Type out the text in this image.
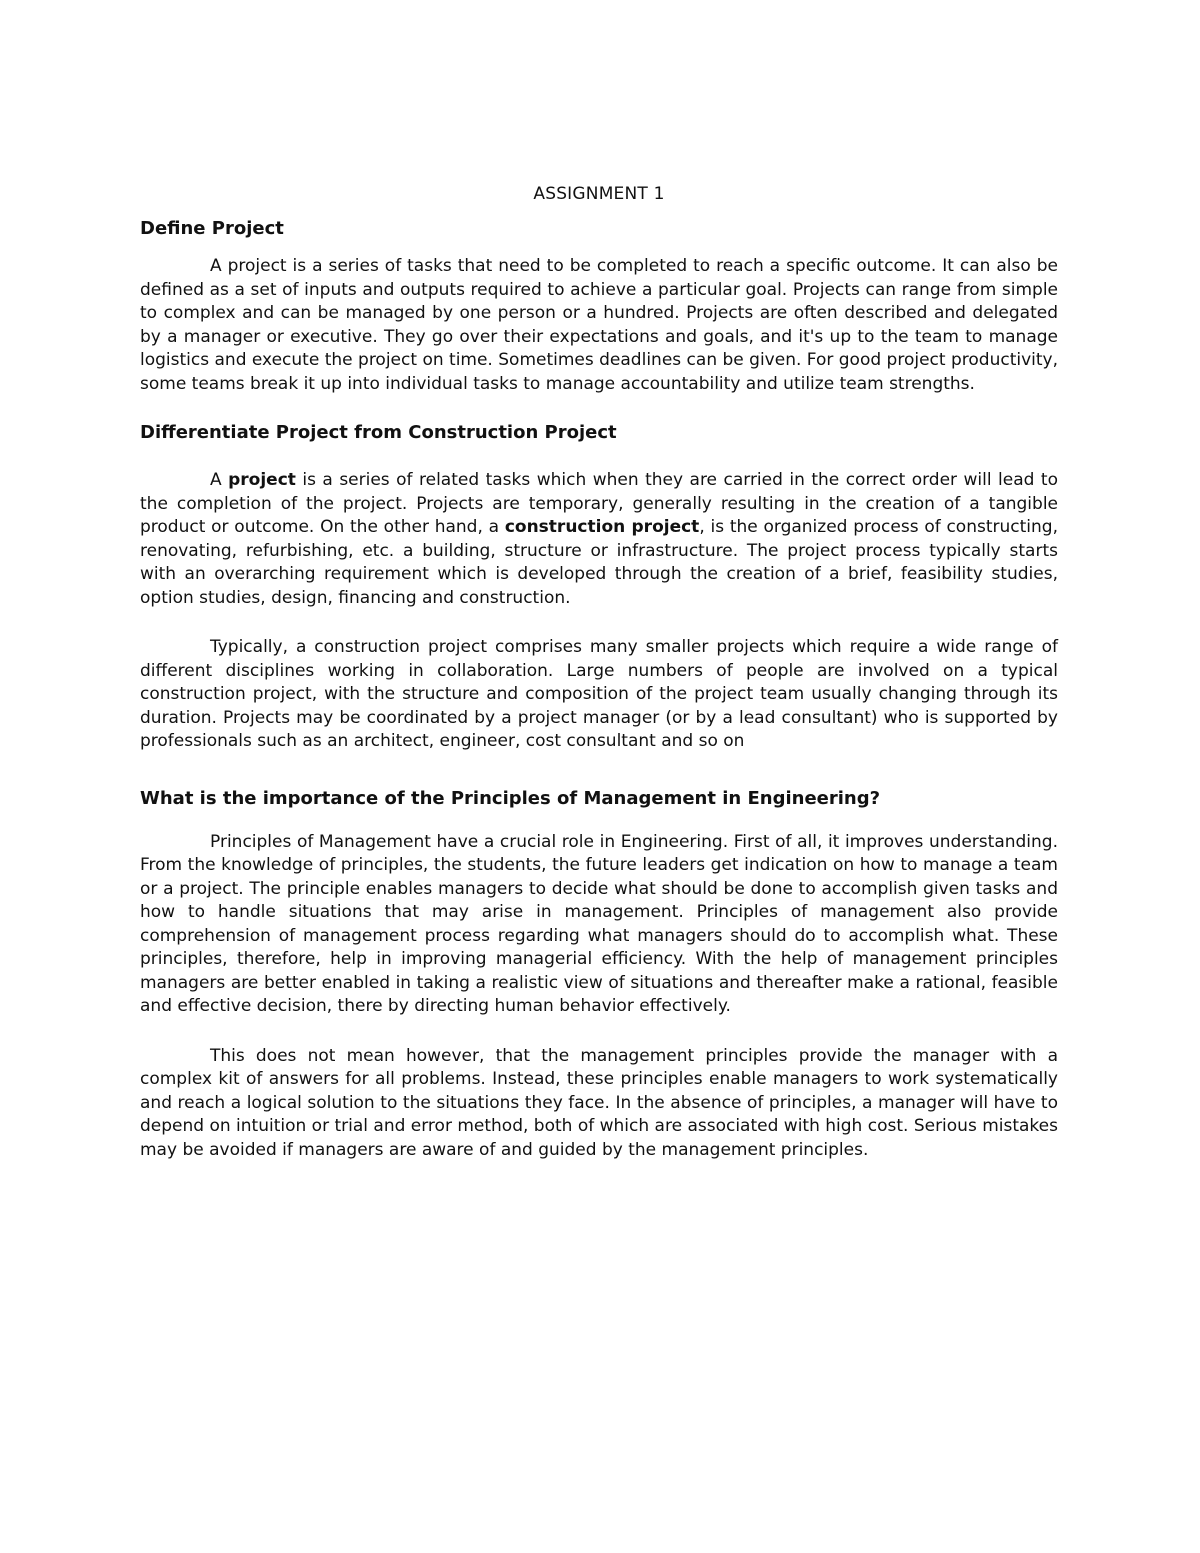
ASSIGNMENT 1
Define Project

A project is a series of tasks that need to be completed to reach a specific outcome. It can also be defined as a set of inputs and outputs required to achieve a particular goal. Projects can range from simple to complex and can be managed by one person or a hundred. Projects are often described and delegated by a manager or executive. They go over their expectations and goals, and it's up to the team to manage logistics and execute the project on time. Sometimes deadlines can be given. For good project productivity, some teams break it up into individual tasks to manage accountability and utilize team strengths.

Differentiate Project from Construction Project

A project is a series of related tasks which when they are carried in the correct order will lead to the completion of the project. Projects are temporary, generally resulting in the creation of a tangible product or outcome. On the other hand, a construction project, is the organized process of constructing, renovating, refurbishing, etc. a building, structure or infrastructure. The project process typically starts with an overarching requirement which is developed through the creation of a brief, feasibility studies, option studies, design, financing and construction.

Typically, a construction project comprises many smaller projects which require a wide range of different disciplines working in collaboration. Large numbers of people are involved on a typical construction project, with the structure and composition of the project team usually changing through its duration. Projects may be coordinated by a project manager (or by a lead consultant) who is supported by professionals such as an architect, engineer, cost consultant and so on

What is the importance of the Principles of Management in Engineering?

Principles of Management have a crucial role in Engineering. First of all, it improves understanding. From the knowledge of principles, the students, the future leaders get indication on how to manage a team or a project. The principle enables managers to decide what should be done to accomplish given tasks and how to handle situations that may arise in management. Principles of management also provide comprehension of management process regarding what managers should do to accomplish what. These principles, therefore, help in improving managerial efficiency. With the help of management principles managers are better enabled in taking a realistic view of situations and thereafter make a rational, feasible and effective decision, there by directing human behavior effectively.

This does not mean however, that the management principles provide the manager with a complex kit of answers for all problems. Instead, these principles enable managers to work systematically and reach a logical solution to the situations they face. In the absence of principles, a manager will have to depend on intuition or trial and error method, both of which are associated with high cost. Serious mistakes may be avoided if managers are aware of and guided by the management principles.
